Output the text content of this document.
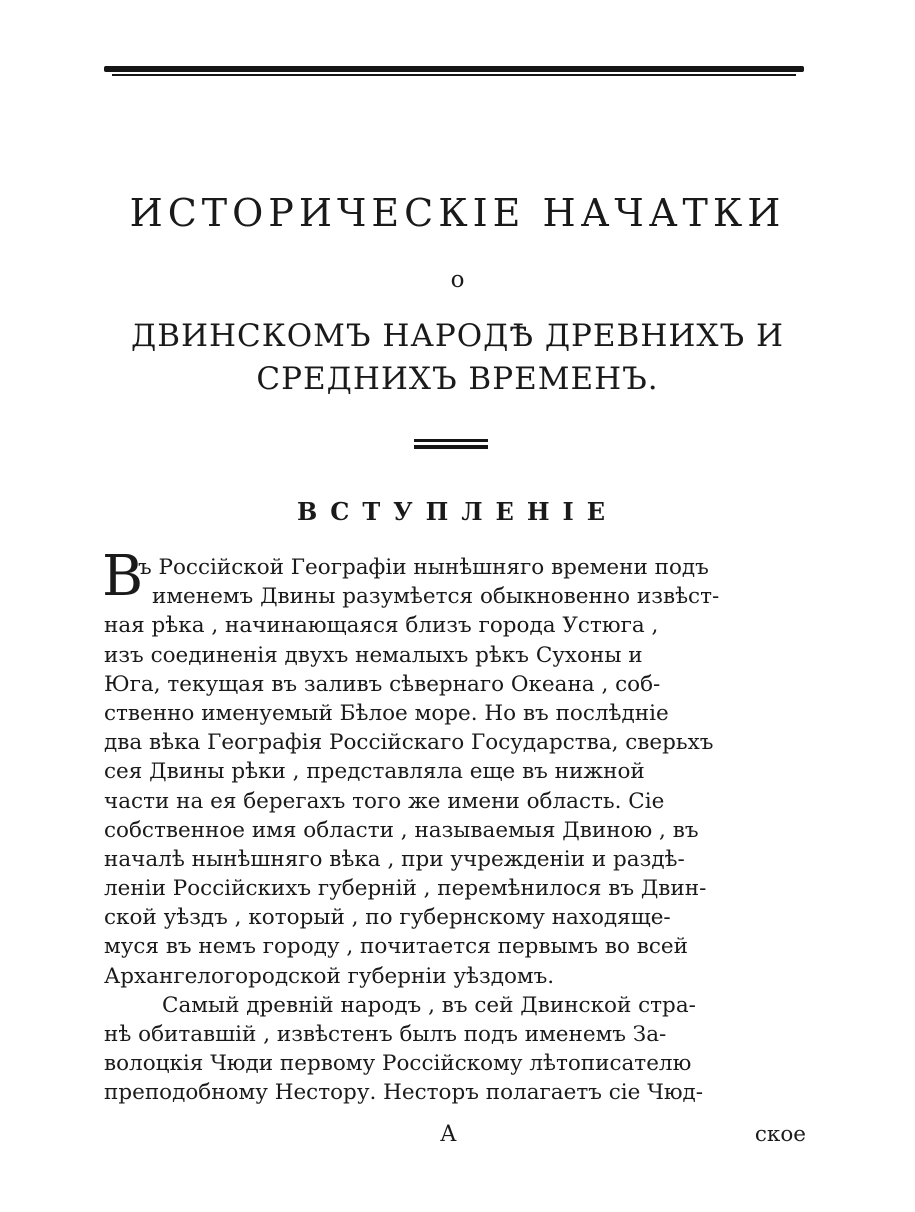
ИСТОРИЧЕСКІЕ НАЧАТКИ
о
ДВИНСКОМЪ НАРОДѢ ДРЕВНИХЪ И СРЕДНИХЪ ВРЕМЕНЪ.
ВСТУПЛЕНІЕ
В
ъ Россійской Географіи нынѣшняго времени подъ
именемъ Двины разумѣется обыкновенно извѣст-
ная рѣка , начинающаяся близъ города Устюга ,
изъ соединенія двухъ немалыхъ рѣкъ Сухоны и
Юга, текущая въ заливъ сѣвернаго Океана , соб-
ственно именуемый Бѣлое море. Но въ послѣдніе
два вѣка Географія Россійскаго Государства, сверьхъ
сея Двины рѣки , представляла еще въ нижной
части на ея берегахъ того же имени область. Сіе
собственное имя области , называемыя Двиною , въ
началѣ нынѣшняго вѣка , при учрежденіи и раздѣ-
леніи Россійскихъ губерній , перемѣнилося въ Двин-
ской уѣздъ , который , по губернскому находяще-
муся въ немъ городу , почитается первымъ во всей
Архангелогородской губерніи уѣздомъ.
Самый древній народъ , въ сей Двинской стра-
нѣ обитавшій , извѣстенъ былъ подъ именемъ За-
волоцкія Чюди первому Россійскому лѣтописателю
преподобному Нестору. Несторъ полагаетъ сіе Чюд-
А	ское
